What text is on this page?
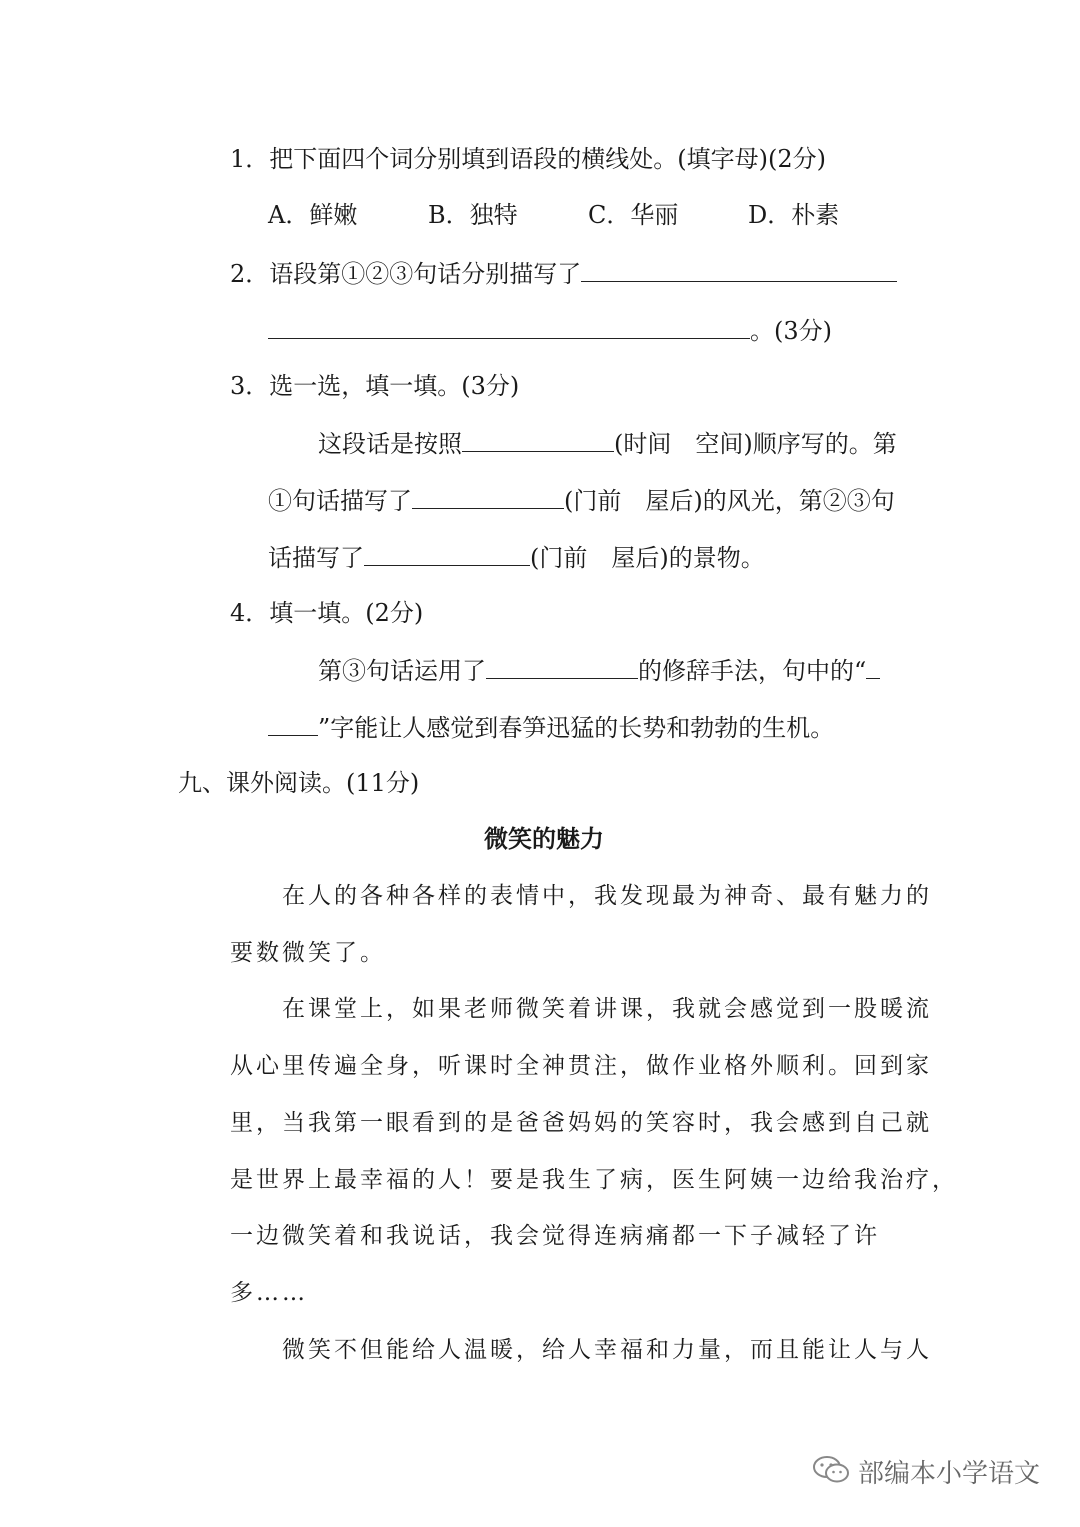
1．把下面四个词分别填到语段的横线处。(填字母)(2分)
A．鲜嫩	B．独特	C．华丽	D．朴素
2．语段第①②③句话分别描写了
。(3分)
3．选一选，填一填。(3分)
这段话是按照	(时间　空间)顺序写的。第
①句话描写了	(门前　屋后)的风光，第②③句
话描写了	(门前　屋后)的景物。
4．填一填。(2分)
第③句话运用了	的修辞手法，句中的“
”字能让人感觉到春笋迅猛的长势和勃勃的生机。
九、课外阅读。(11分)
微笑的魅力
在人的各种各样的表情中，我发现最为神奇、最有魅力的
要数微笑了。
在课堂上，如果老师微笑着讲课，我就会感觉到一股暖流
从心里传遍全身，听课时全神贯注，做作业格外顺利。回到家
里，当我第一眼看到的是爸爸妈妈的笑容时，我会感到自己就
是世界上最幸福的人！要是我生了病，医生阿姨一边给我治疗，
一边微笑着和我说话，我会觉得连病痛都一下子减轻了许
多……
微笑不但能给人温暖，给人幸福和力量，而且能让人与人
部编本小学语文
